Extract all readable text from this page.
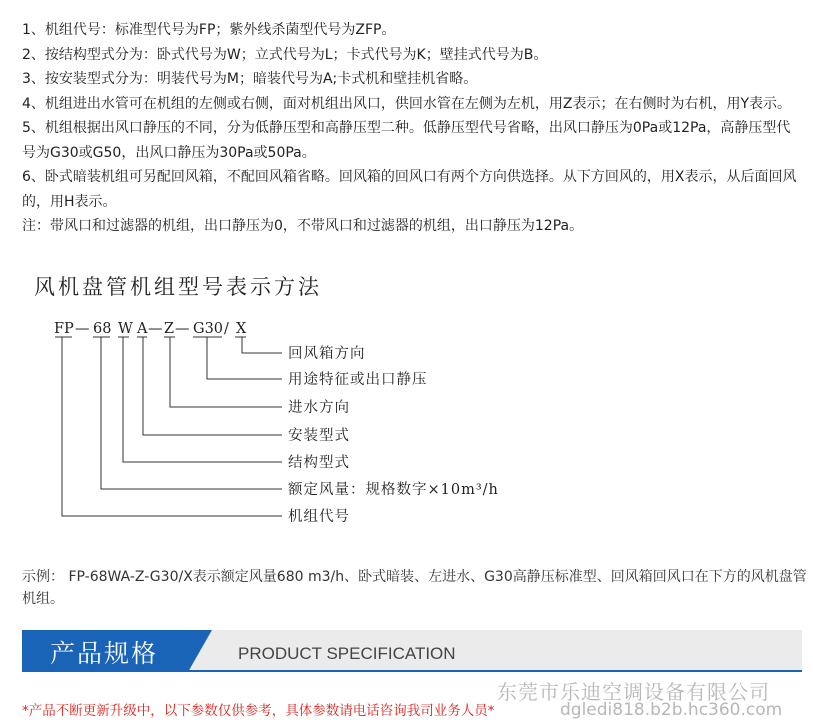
1、机组代号：标准型代号为FP；紫外线杀菌型代号为ZFP。

2、按结构型式分为：卧式代号为W；立式代号为L；卡式代号为K；壁挂式代号为B。

3、按安装型式分为：明装代号为M；暗装代号为A;卡式机和壁挂机省略。

4、机组进出水管可在机组的左侧或右侧，面对机组出风口，供回水管在左侧为左机，用Z表示；在右侧时为右机，用Y表示。

5、机组根据出风口静压的不同，分为低静压型和高静压型二种。低静压型代号省略，出风口静压为0Pa或12Pa，高静压型代号为G30或G50，出风口静压为30Pa或50Pa。

6、卧式暗装机组可另配回风箱，不配回风箱省略。回风箱的回风口有两个方向供选择。从下方回风的，用X表示，从后面回风的，用H表示。

注：带风口和过滤器的机组，出口静压为0，不带风口和过滤器的机组，出口静压为12Pa。

风机盘管机组型号表示方法
FP — 68 W A — Z — G30 / X
回风箱方向
用途特征或出口静压
进水方向
安装型式
结构型式
额定风量：规格数字×10m³/h
机组代号

示例： FP-68WA-Z-G30/X表示额定风量680 m3/h、卧式暗装、左进水、G30高静压标准型、回风箱回风口在下方的风机盘管机组。

产品规格	PRODUCT SPECIFICATION
东莞市乐迪空调设备有限公司
dgledi818.b2b.hc360.com
*产品不断更新升级中，以下参数仅供参考，具体参数请电话咨询我司业务人员*
